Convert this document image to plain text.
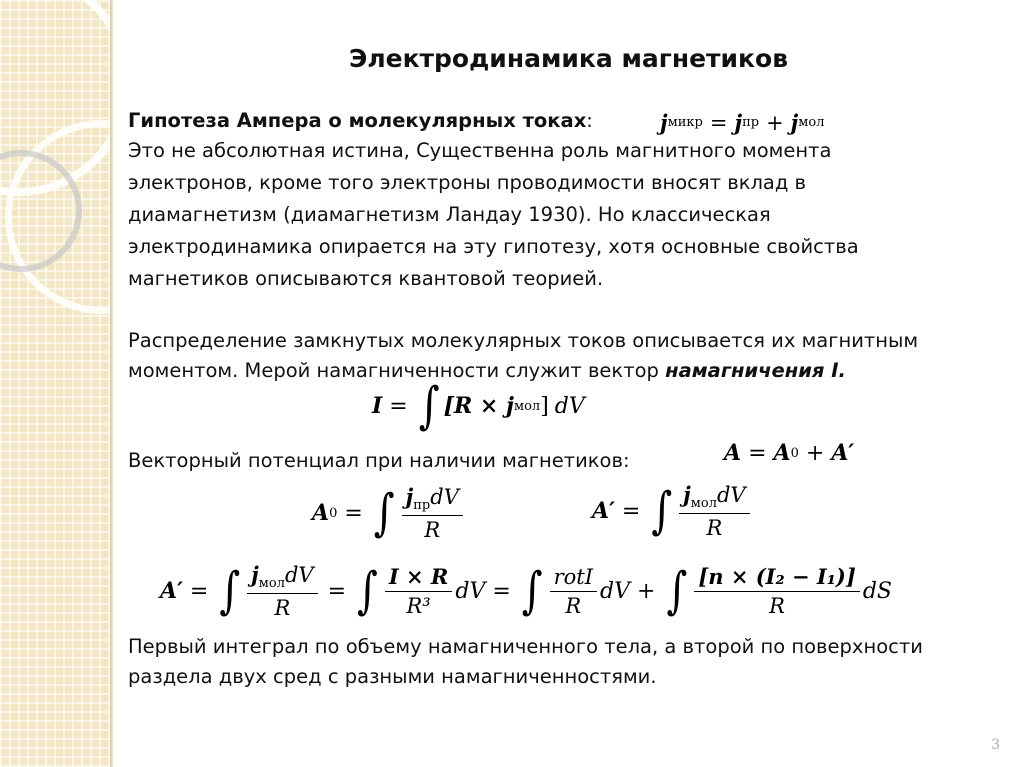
Электродинамика магнетиков
Гипотеза Ампера о молекулярных токах:	j микр = j пр + j мол
Это не абсолютная истина, Существенна роль магнитного момента
электронов, кроме того электроны проводимости вносят вклад в
диамагнетизм (диамагнетизм Ландау 1930). Но классическая
электродинамика опирается на эту гипотезу, хотя основные свойства
магнетиков описываются квантовой теорией.
Распределение замкнутых молекулярных токов описывается их магнитным
моментом. Мерой намагниченности служит вектор намагничения I.
I = ∫ [R × j мол ] dV
Векторный потенциал при наличии магнетиков:	A = A 0 + A′
A 0 = ∫ $\frac{j_{пр}dV}{R}$	A′ = ∫ $\frac{j_{мол}dV}{R}$
A′ = ∫ $\frac{j_{мол}dV}{R}$ = ∫ $\frac{I \times R}{\text{R³}}$ dV = ∫ $\frac{\text{rotI}}{R}$ dV + ∫ $\frac{\text{[n × (I₂ − I₁)]}}{R}$ dS
Первый интеграл по объему намагниченного тела, а второй по поверхности
раздела двух сред с разными намагниченностями.
3
